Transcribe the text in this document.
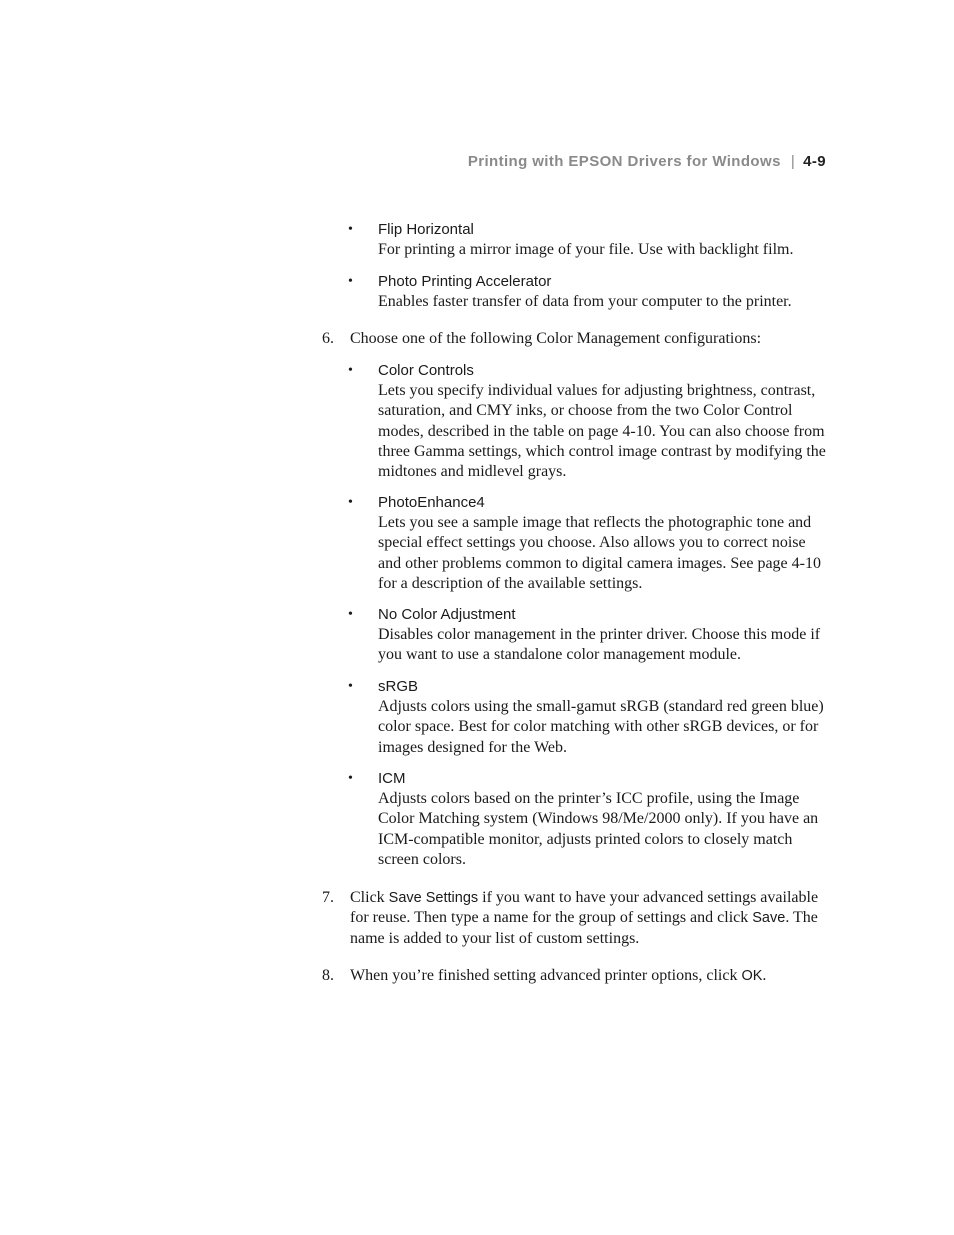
Printing with EPSON Drivers for Windows | 4-9
• Flip Horizontal
For printing a mirror image of your file. Use with backlight film.
• Photo Printing Accelerator
Enables faster transfer of data from your computer to the printer.
6. Choose one of the following Color Management configurations:
• Color Controls
Lets you specify individual values for adjusting brightness, contrast, saturation, and CMY inks, or choose from the two Color Control modes, described in the table on page 4-10. You can also choose from three Gamma settings, which control image contrast by modifying the midtones and midlevel grays.
• PhotoEnhance4
Lets you see a sample image that reflects the photographic tone and special effect settings you choose. Also allows you to correct noise and other problems common to digital camera images. See page 4-10 for a description of the available settings.
• No Color Adjustment
Disables color management in the printer driver. Choose this mode if you want to use a standalone color management module.
• sRGB
Adjusts colors using the small-gamut sRGB (standard red green blue) color space. Best for color matching with other sRGB devices, or for images designed for the Web.
• ICM
Adjusts colors based on the printer’s ICC profile, using the Image Color Matching system (Windows 98/Me/2000 only). If you have an ICM-compatible monitor, adjusts printed colors to closely match screen colors.
7. Click Save Settings if you want to have your advanced settings available for reuse. Then type a name for the group of settings and click Save. The name is added to your list of custom settings.
8. When you’re finished setting advanced printer options, click OK.
